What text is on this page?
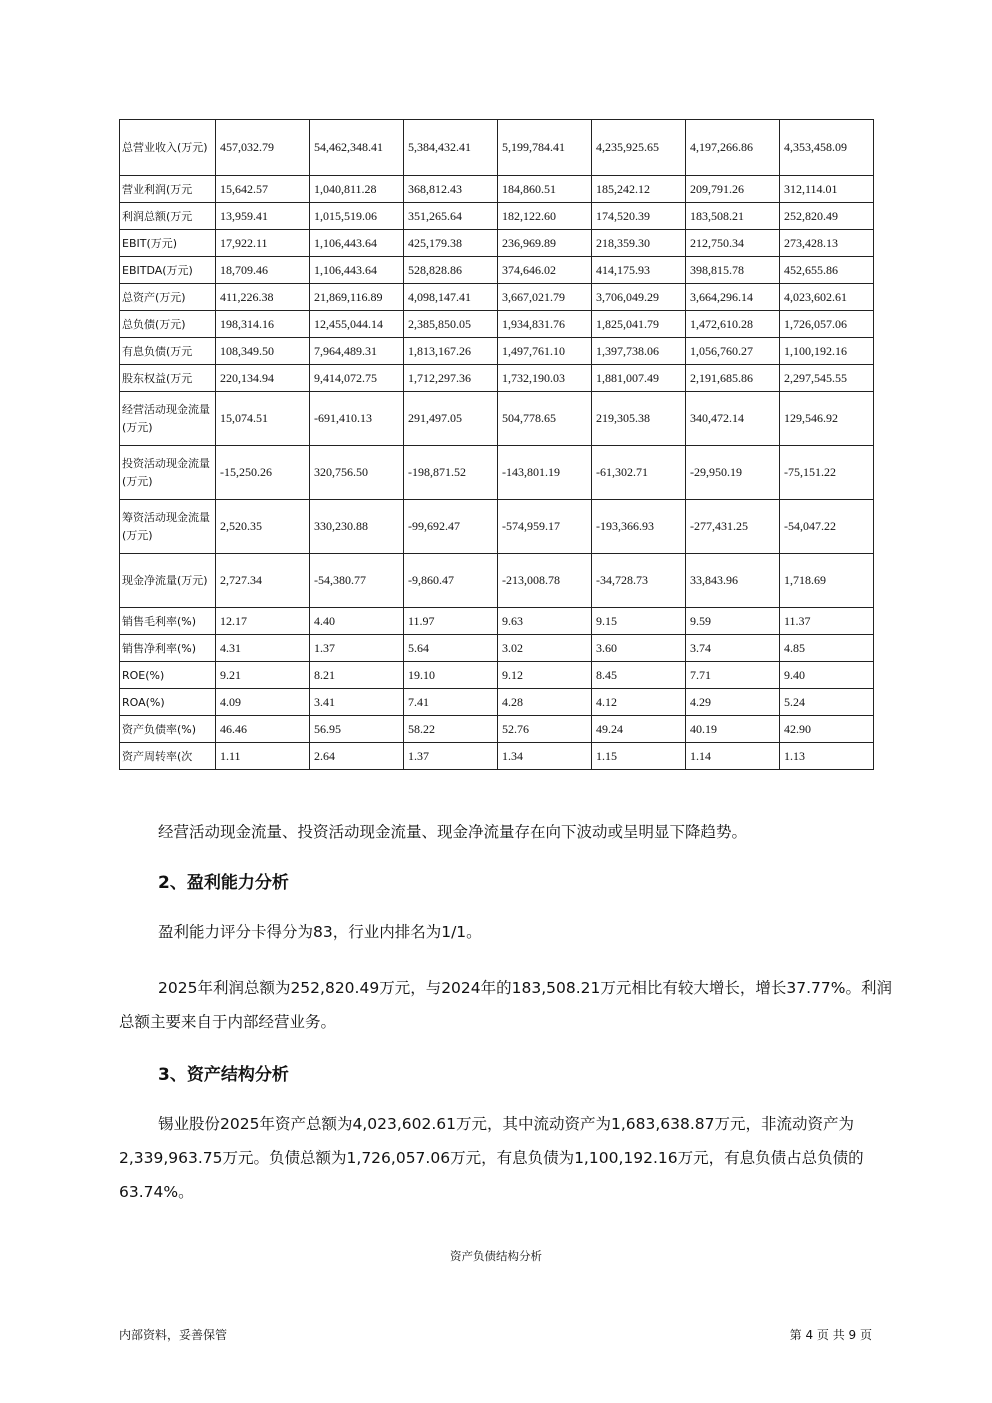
总营业收入(万元)	457,032.79	54,462,348.41	5,384,432.41	5,199,784.41	4,235,925.65	4,197,266.86	4,353,458.09
营业利润(万元	15,642.57	1,040,811.28	368,812.43	184,860.51	185,242.12	209,791.26	312,114.01
利润总额(万元	13,959.41	1,015,519.06	351,265.64	182,122.60	174,520.39	183,508.21	252,820.49
EBIT(万元)	17,922.11	1,106,443.64	425,179.38	236,969.89	218,359.30	212,750.34	273,428.13
EBITDA(万元)	18,709.46	1,106,443.64	528,828.86	374,646.02	414,175.93	398,815.78	452,655.86
总资产(万元)	411,226.38	21,869,116.89	4,098,147.41	3,667,021.79	3,706,049.29	3,664,296.14	4,023,602.61
总负债(万元)	198,314.16	12,455,044.14	2,385,850.05	1,934,831.76	1,825,041.79	1,472,610.28	1,726,057.06
有息负债(万元	108,349.50	7,964,489.31	1,813,167.26	1,497,761.10	1,397,738.06	1,056,760.27	1,100,192.16
股东权益(万元	220,134.94	9,414,072.75	1,712,297.36	1,732,190.03	1,881,007.49	2,191,685.86	2,297,545.55
经营活动现金流量(万元)	15,074.51	-691,410.13	291,497.05	504,778.65	219,305.38	340,472.14	129,546.92
投资活动现金流量(万元)	-15,250.26	320,756.50	-198,871.52	-143,801.19	-61,302.71	-29,950.19	-75,151.22
筹资活动现金流量(万元)	2,520.35	330,230.88	-99,692.47	-574,959.17	-193,366.93	-277,431.25	-54,047.22
现金净流量(万元)	2,727.34	-54,380.77	-9,860.47	-213,008.78	-34,728.73	33,843.96	1,718.69
销售毛利率(%)	12.17	4.40	11.97	9.63	9.15	9.59	11.37
销售净利率(%)	4.31	1.37	5.64	3.02	3.60	3.74	4.85
ROE(%)	9.21	8.21	19.10	9.12	8.45	7.71	9.40
ROA(%)	4.09	3.41	7.41	4.28	4.12	4.29	5.24
资产负债率(%)	46.46	56.95	58.22	52.76	49.24	40.19	42.90
资产周转率(次	1.11	2.64	1.37	1.34	1.15	1.14	1.13
经营活动现金流量、投资活动现金流量、现金净流量存在向下波动或呈明显下降趋势。
2、盈利能力分析
盈利能力评分卡得分为83，行业内排名为1/1。
2025年利润总额为252,820.49万元，与2024年的183,508.21万元相比有较大增长，增长37.77%。利润总额主要来自于内部经营业务。
3、资产结构分析
锡业股份2025年资产总额为4,023,602.61万元，其中流动资产为1,683,638.87万元，非流动资产为2,339,963.75万元。负债总额为1,726,057.06万元，有息负债为1,100,192.16万元，有息负债占总负债的63.74%。
资产负债结构分析
内部资料，妥善保管	第 4 页 共 9 页
